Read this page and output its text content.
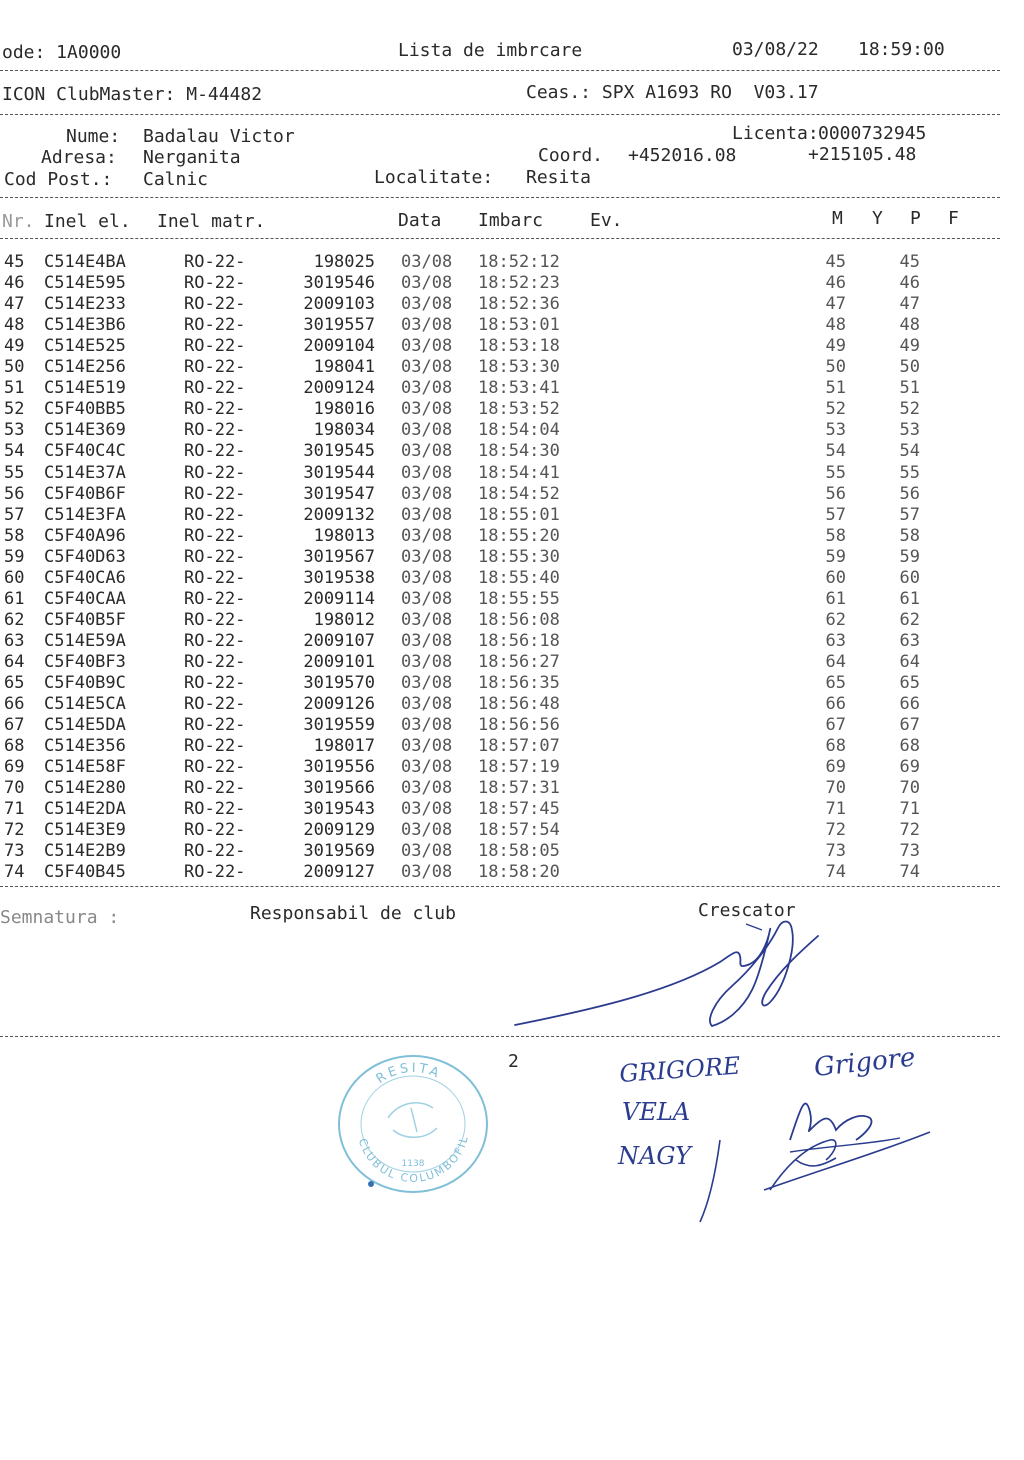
ode: 1A0000	Lista de imbrcare	03/08/22 18:59:00
ICON ClubMaster: M-44482	Ceas.: SPX A1693 RO  V03.17
Nume: Badalau Victor	Licenta: 0000732945
Adresa: Nerganita	Coord. +452016.08	+215105.48
Cod Post.: Calnic	Localitate: Resita
Nr. Inel el. Inel matr.	Data Imbarc	Ev.	M Y P F
45 C514E4BA	RO-22-	198025 03/08 18:52:12	45	45
46 C514E595	RO-22-	3019546 03/08 18:52:23	46	46
47 C514E233	RO-22-	2009103 03/08 18:52:36	47	47
48 C514E3B6	RO-22-	3019557 03/08 18:53:01	48	48
49 C514E525	RO-22-	2009104 03/08 18:53:18	49	49
50 C514E256	RO-22-	198041 03/08 18:53:30	50	50
51 C514E519	RO-22-	2009124 03/08 18:53:41	51	51
52 C5F40BB5	RO-22-	198016 03/08 18:53:52	52	52
53 C514E369	RO-22-	198034 03/08 18:54:04	53	53
54 C5F40C4C	RO-22-	3019545 03/08 18:54:30	54	54
55 C514E37A	RO-22-	3019544 03/08 18:54:41	55	55
56 C5F40B6F	RO-22-	3019547 03/08 18:54:52	56	56
57 C514E3FA	RO-22-	2009132 03/08 18:55:01	57	57
58 C5F40A96	RO-22-	198013 03/08 18:55:20	58	58
59 C5F40D63	RO-22-	3019567 03/08 18:55:30	59	59
60 C5F40CA6	RO-22-	3019538 03/08 18:55:40	60	60
61 C5F40CAA	RO-22-	2009114 03/08 18:55:55	61	61
62 C5F40B5F	RO-22-	198012 03/08 18:56:08	62	62
63 C514E59A	RO-22-	2009107 03/08 18:56:18	63	63
64 C5F40BF3	RO-22-	2009101 03/08 18:56:27	64	64
65 C5F40B9C	RO-22-	3019570 03/08 18:56:35	65	65
66 C514E5CA	RO-22-	2009126 03/08 18:56:48	66	66
67 C514E5DA	RO-22-	3019559 03/08 18:56:56	67	67
68 C514E356	RO-22-	198017 03/08 18:57:07	68	68
69 C514E58F	RO-22-	3019556 03/08 18:57:19	69	69
70 C514E280	RO-22-	3019566 03/08 18:57:31	70	70
71 C514E2DA	RO-22-	3019543 03/08 18:57:45	71	71
72 C514E3E9	RO-22-	2009129 03/08 18:57:54	72	72
73 C514E2B9	RO-22-	3019569 03/08 18:58:05	73	73
74 C5F40B45	RO-22-	2009127 03/08 18:58:20	74	74
Semnatura :	Responsabil de club	Crescator
2
RESITA
CLUBUL COLUMBOFIL
1138
GRIGORE	Grigore
VELA
NAGY
